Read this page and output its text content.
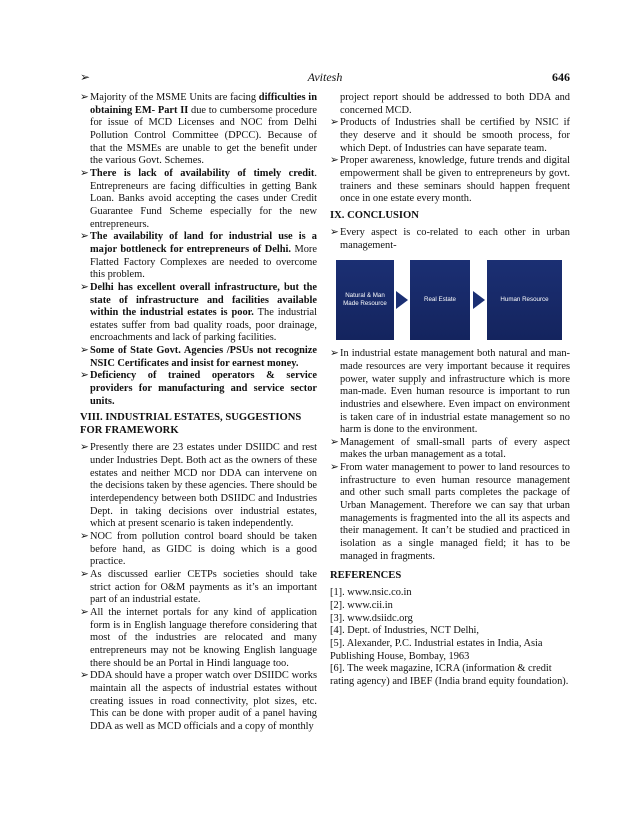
➢	Avitesh	646

➢ Majority of the MSME Units are facing difficulties in obtaining EM- Part II due to cumbersome procedure for issue of MCD Licenses and NOC from Delhi Pollution Control Committee (DPCC). Because of that the MSMEs are unable to get the benefit under the various Govt. Schemes.

➢ There is lack of availability of timely credit. Entrepreneurs are facing difficulties in getting Bank Loan. Banks avoid accepting the cases under Credit Guarantee Fund Scheme especially for the new entrepreneurs.

➢ The availability of land for industrial use is a major bottleneck for entrepreneurs of Delhi. More Flatted Factory Complexes are needed to overcome this problem.

➢ Delhi has excellent overall infrastructure, but the state of infrastructure and facilities available within the industrial estates is poor. The industrial estates suffer from bad quality roads, poor drainage, encroachments and lack of parking facilities.

➢ Some of State Govt. Agencies /PSUs not recognize NSIC Certificates and insist for earnest money.

➢ Deficiency of trained operators & service providers for manufacturing and service sector units.

VIII. INDUSTRIAL ESTATES, SUGGESTIONS FOR FRAMEWORK

➢ Presently there are 23 estates under DSIIDC and rest under Industries Dept. Both act as the owners of these estates and neither MCD nor DDA can intervene on the decisions taken by these agencies. There should be interdependency between both DSIIDC and Industries Dept. in taking decisions over industrial estates, which at present scenario is taken independently.

➢ NOC from pollution control board should be taken before hand, as GIDC is doing which is a good practice.

➢ As discussed earlier CETPs societies should take strict action for O&M payments as it’s an important part of an industrial estate.

➢ All the internet portals for any kind of application form is in English language therefore considering that most of the industries are relocated and many entrepreneurs may not be knowing English language there should be an Portal in Hindi language too.

➢ DDA should have a proper watch over DSIIDC works maintain all the aspects of industrial estates without creating issues in road connectivity, plot sizes, etc. This can be done with proper audit of a panel having DDA as well as MCD officials and a copy of monthly

project report should be addressed to both DDA and concerned MCD.

➢ Products of Industries shall be certified by NSIC if they deserve and it should be smooth process, for which Dept. of Industries can have separate team.

➢ Proper awareness, knowledge, future trends and digital empowerment shall be given to entrepreneurs by govt. trainers and these seminars should happen frequent once in one estate every month.

IX. CONCLUSION

➢ Every aspect is co-related to each other in urban management-

Natural & Man Made Resource
Real Estate	Human Resource

➢ In industrial estate management both natural and man-made resources are very important because it requires power, water supply and infrastructure which is more man-made. Even human resource is important to run industries and elsewhere. Even impact on environment is taken care of in industrial estate management so no harm is done to the environment.

➢ Management of small-small parts of every aspect makes the urban management as a total.

➢ From water management to power to land resources to infrastructure to even human resource management and other such small parts completes the package of Urban Management. Therefore we can say that urban managements is fragmented into the all its aspects and their management. It can’t be studied and practiced in isolation as a single managed field; it has to be managed in fragments.

REFERENCES

[1]. www.nsic.co.in

[2]. www.cii.in

[3]. www.dsiidc.org

[4]. Dept. of Industries, NCT Delhi,

[5]. Alexander, P.C. Industrial estates in India, Asia Publishing House, Bombay, 1963

[6]. The week magazine, ICRA (information & credit rating agency) and IBEF (India brand equity foundation).
